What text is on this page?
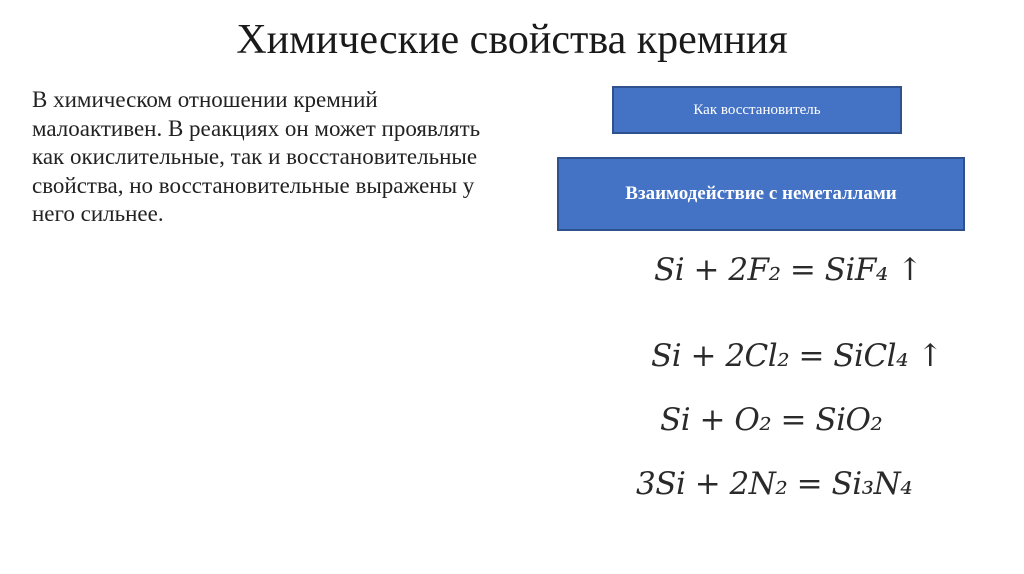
Химические свойства кремния
В химическом отношении кремний малоактивен. В реакциях он может проявлять как окислительные, так и восстановительные свойства, но восстановительные выражены у него сильнее.
Как восстановитель
Взаимодействие с неметаллами
Si + 2F₂ = SiF₄ ↑
Si + 2Cl₂ = SiCl₄ ↑
Si + O₂ = SiO₂
3Si + 2N₂ = Si₃N₄
